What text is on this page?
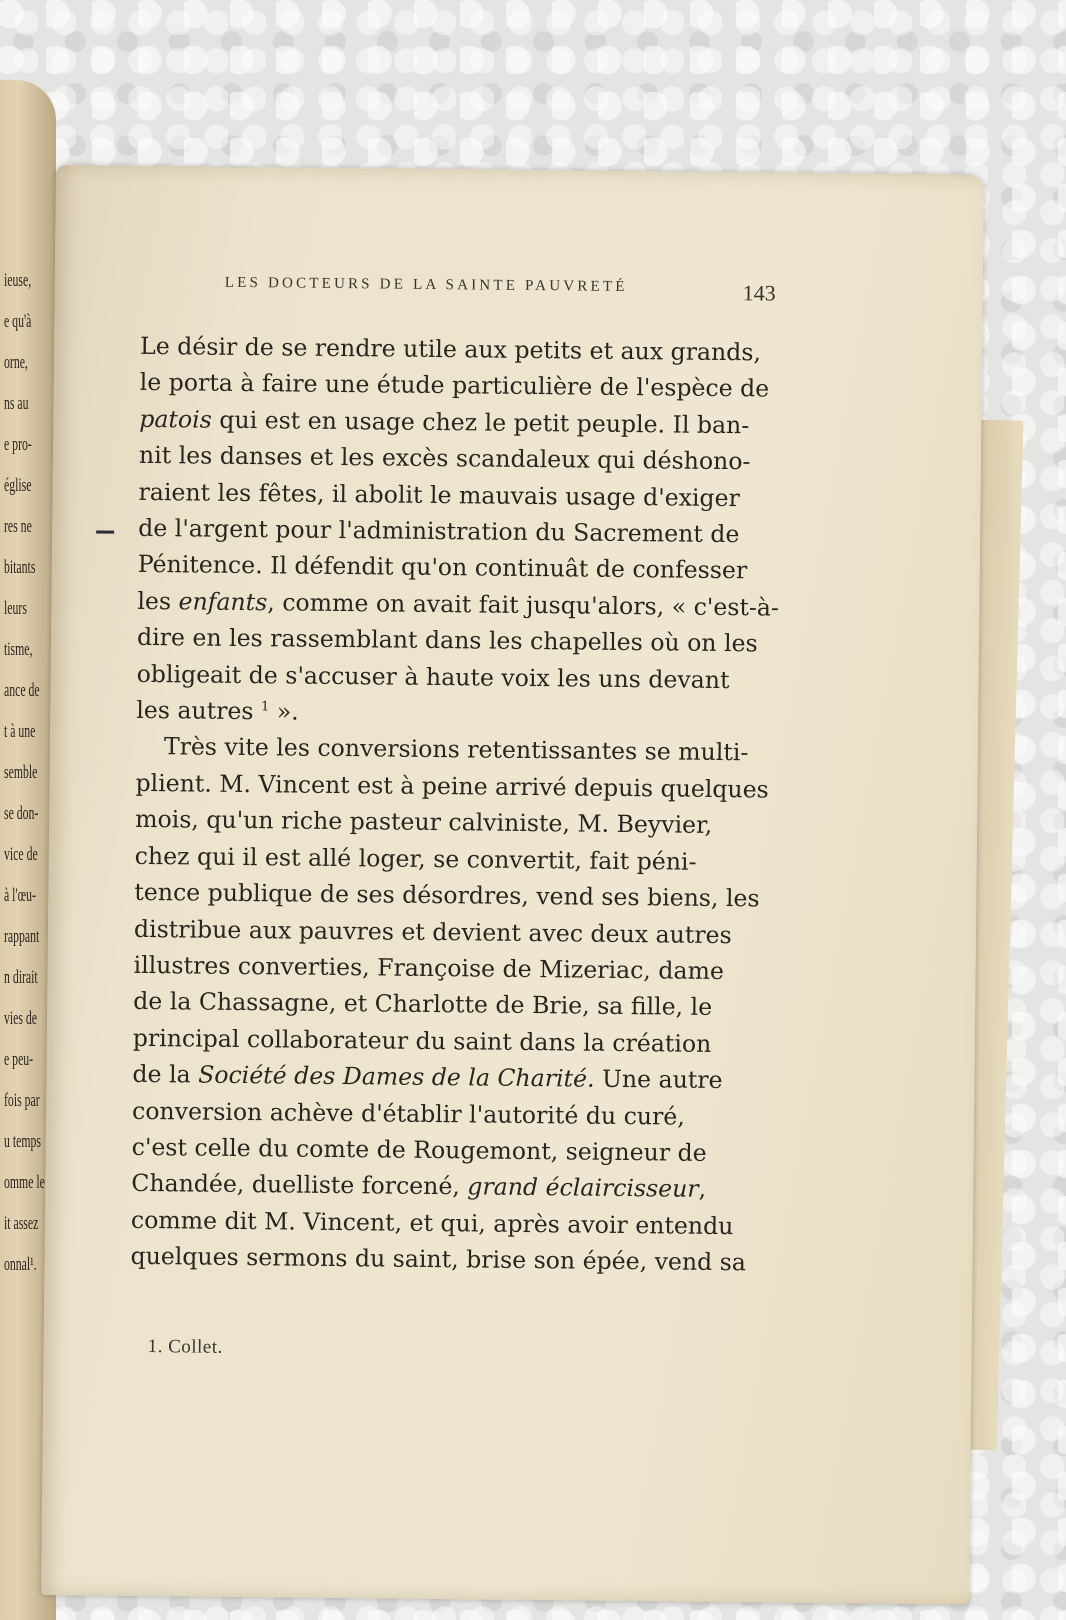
ieuse,
e qu'à
orne,
ns au
e pro-
église
res ne
bitants
leurs
tisme,
ance de
t à une
semble
se don-
vice de
à l'œu-
rappant
n dirait
vies de
e peu-
fois par
u temps
omme le
it assez
onnal¹.
LES DOCTEURS DE LA SAINTE PAUVRETÉ	143
Le désir de se rendre utile aux petits et aux grands,
le porta à faire une étude particulière de l'espèce de
patois qui est en usage chez le petit peuple. Il ban-
nit les danses et les excès scandaleux qui déshono-
raient les fêtes, il abolit le mauvais usage d'exiger
de l'argent pour l'administration du Sacrement de
Pénitence. Il défendit qu'on continuât de confesser
les enfants, comme on avait fait jusqu'alors, « c'est-à-
dire en les rassemblant dans les chapelles où on les
obligeait de s'accuser à haute voix les uns devant
les autres $^1$ ».
Très vite les conversions retentissantes se multi-
plient. M. Vincent est à peine arrivé depuis quelques
mois, qu'un riche pasteur calviniste, M. Beyvier,
chez qui il est allé loger, se convertit, fait péni-
tence publique de ses désordres, vend ses biens, les
distribue aux pauvres et devient avec deux autres
illustres converties, Françoise de Mizeriac, dame
de la Chassagne, et Charlotte de Brie, sa fille, le
principal collaborateur du saint dans la création
de la Société des Dames de la Charité. Une autre
conversion achève d'établir l'autorité du curé,
c'est celle du comte de Rougemont, seigneur de
Chandée, duelliste forcené, grand éclaircisseur,
comme dit M. Vincent, et qui, après avoir entendu
quelques sermons du saint, brise son épée, vend sa
1. Collet.
